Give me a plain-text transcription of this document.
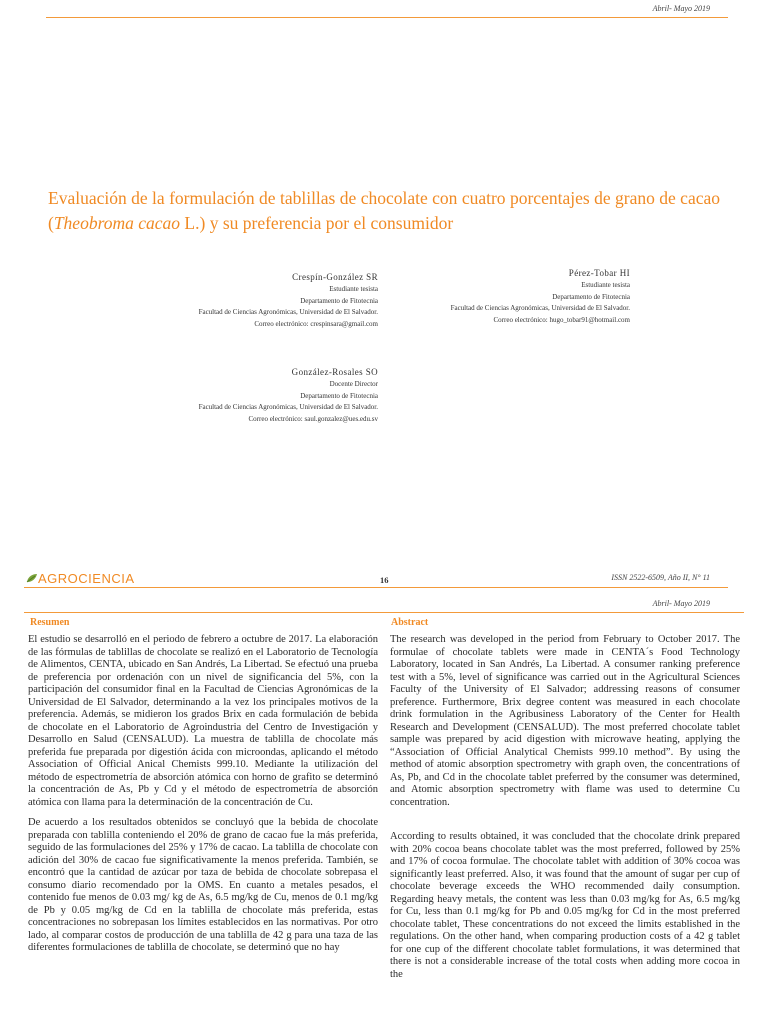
Abril- Mayo 2019
Evaluación de la formulación de tablillas de chocolate con cuatro porcentajes de grano de cacao (Theobroma cacao L.) y su preferencia por el consumidor
Crespín-González SR
Estudiante tesista
Departamento de Fitotecnia
Facultad de Ciencias Agronómicas, Universidad de El Salvador.
Correo electrónico: crespinsara@gmail.com
Pérez-Tobar HI
Estudiante tesista
Departamento de Fitotecnia
Facultad de Ciencias Agronómicas, Universidad de El Salvador.
Correo electrónico: hugo_tobar91@hotmail.com
González-Rosales SO
Docente Director
Departamento de Fitotecnia
Facultad de Ciencias Agronómicas, Universidad de El Salvador.
Correo electrónico: saul.gonzalez@ues.edu.sv
AGROCIENCIA	16	ISSN 2522-6509, Año II, N° 11
Abril- Mayo 2019
Resumen

El estudio se desarrolló en el periodo de febrero a octubre de 2017. La elaboración de las fórmulas de tablillas de chocolate se realizó en el Laboratorio de Tecnología de Alimentos, CENTA, ubicado en San Andrés, La Libertad. Se efectuó una prueba de preferencia por ordenación con un nivel de significancia del 5%, con la participación del consumidor final en la Facultad de Ciencias Agronómicas de la Universidad de El Salvador, determinando a la vez los principales motivos de la preferencia. Además, se midieron los grados Brix en cada formulación de bebida de chocolate en el Laboratorio de Agroindustria del Centro de Investigación y Desarrollo en Salud (CENSALUD). La muestra de tablilla de chocolate más preferida fue preparada por digestión ácida con microondas, aplicando el método Association of Official Anical Chemists 999.10. Mediante la utilización del método de espectrometría de absorción atómica con horno de grafito se determinó la concentración de As, Pb y Cd y el método de espectrometría de absorción atómica con llama para la determinación de la concentración de Cu.

De acuerdo a los resultados obtenidos se concluyó que la bebida de chocolate preparada con tablilla conteniendo el 20% de grano de cacao fue la más preferida, seguido de las formulaciones del 25% y 17% de cacao. La tablilla de chocolate con adición del 30% de cacao fue significativamente la menos preferida. También, se encontró que la cantidad de azúcar por taza de bebida de chocolate sobrepasa el consumo diario recomendado por la OMS. En cuanto a metales pesados, el contenido fue menos de 0.03 mg/ kg de As, 6.5 mg/kg de Cu, menos de 0.1 mg/kg de Pb y 0.05 mg/kg de Cd en la tablilla de chocolate más preferida, estas concentraciones no sobrepasan los límites establecidos en las normativas. Por otro lado, al comparar costos de producción de una tablilla de 42 g para una taza de las diferentes formulaciones de tablilla de chocolate, se determinó que no hay

Abstract

The research was developed in the period from February to October 2017. The formulae of chocolate tablets were made in CENTA´s Food Technology Laboratory, located in San Andrés, La Libertad. A consumer ranking preference test with a 5%, level of significance was carried out in the Agricultural Sciences Faculty of the University of El Salvador; addressing reasons of consumer preference. Furthermore, Brix degree content was measured in each chocolate drink formulation in the Agribusiness Laboratory of the Center for Health Research and Development (CENSALUD). The most preferred chocolate tablet sample was prepared by acid digestion with microwave heating, applying the “Association of Official Analytical Chemists 999.10 method”. By using the method of atomic absorption spectrometry with graph oven, the concentrations of As, Pb, and Cd in the chocolate tablet preferred by the consumer was determined, and Atomic absorption spectrometry with flame was used to determine Cu concentration.

According to results obtained, it was concluded that the chocolate drink prepared with 20% cocoa beans chocolate tablet was the most preferred, followed by 25% and 17% of cocoa formulae. The chocolate tablet with addition of 30% cocoa was significantly least preferred. Also, it was found that the amount of sugar per cup of chocolate beverage exceeds the WHO recommended daily consumption. Regarding heavy metals, the content was less than 0.03 mg/kg for As, 6.5 mg/kg for Cu, less than 0.1 mg/kg for Pb and 0.05 mg/kg for Cd in the most preferred chocolate tablet, These concentrations do not exceed the limits established in the regulations. On the other hand, when comparing production costs of a 42 g tablet for one cup of the different chocolate tablet formulations, it was determined that there is not a considerable increase of the total costs when adding more cocoa in the
